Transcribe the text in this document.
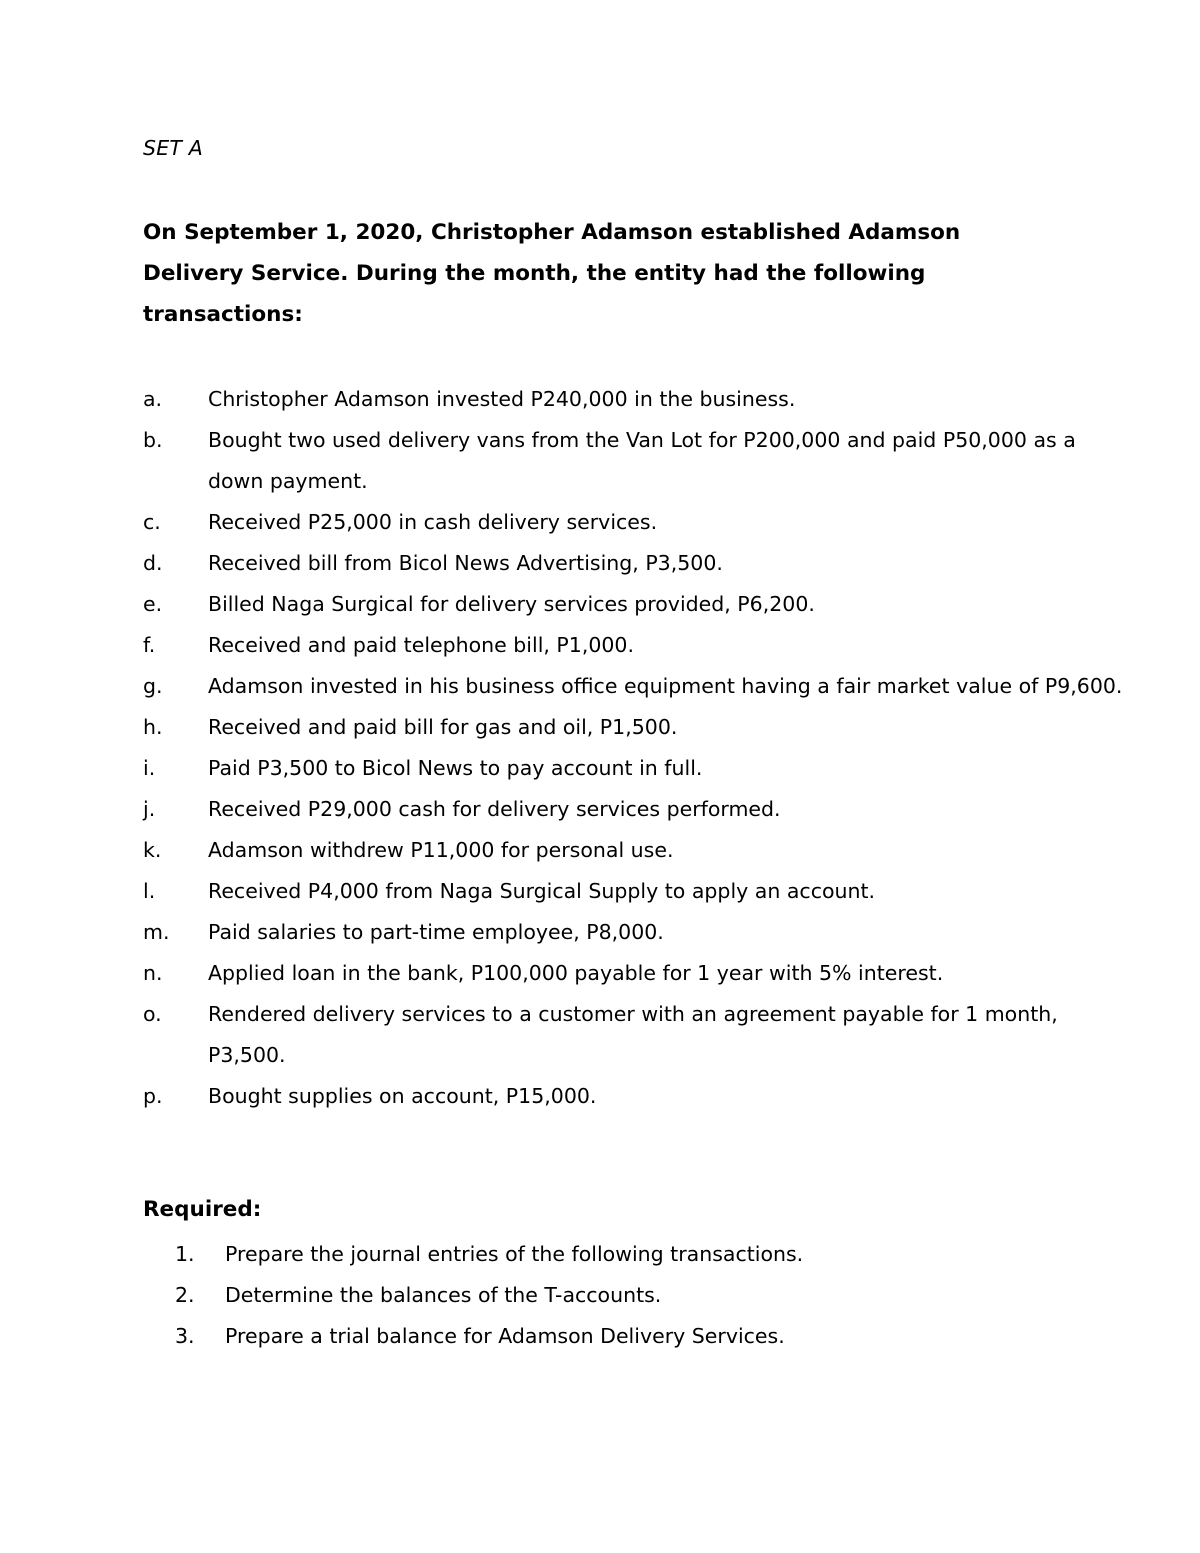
SET A

On September 1, 2020, Christopher Adamson established Adamson Delivery Service. During the month, the entity had the following transactions:

a.	Christopher Adamson invested P240,000 in the business.
b.	Bought two used delivery vans from the Van Lot for P200,000 and paid P50,000 as a down payment.
c.	Received P25,000 in cash delivery services.
d.	Received bill from Bicol News Advertising, P3,500.
e.	Billed Naga Surgical for delivery services provided, P6,200.
f.	Received and paid telephone bill, P1,000.
g.	Adamson invested in his business office equipment having a fair market value of P9,600.
h.	Received and paid bill for gas and oil, P1,500.
i.	Paid P3,500 to Bicol News to pay account in full.
j.	Received P29,000 cash for delivery services performed.
k.	Adamson withdrew P11,000 for personal use.
l.	Received P4,000 from Naga Surgical Supply to apply an account.
m.	Paid salaries to part-time employee, P8,000.
n.	Applied loan in the bank, P100,000 payable for 1 year with 5% interest.
o.	Rendered delivery services to a customer with an agreement payable for 1 month, P3,500.
p.	Bought supplies on account, P15,000.
Required:
1.	Prepare the journal entries of the following transactions.
2.	Determine the balances of the T-accounts.
3.	Prepare a trial balance for Adamson Delivery Services.
